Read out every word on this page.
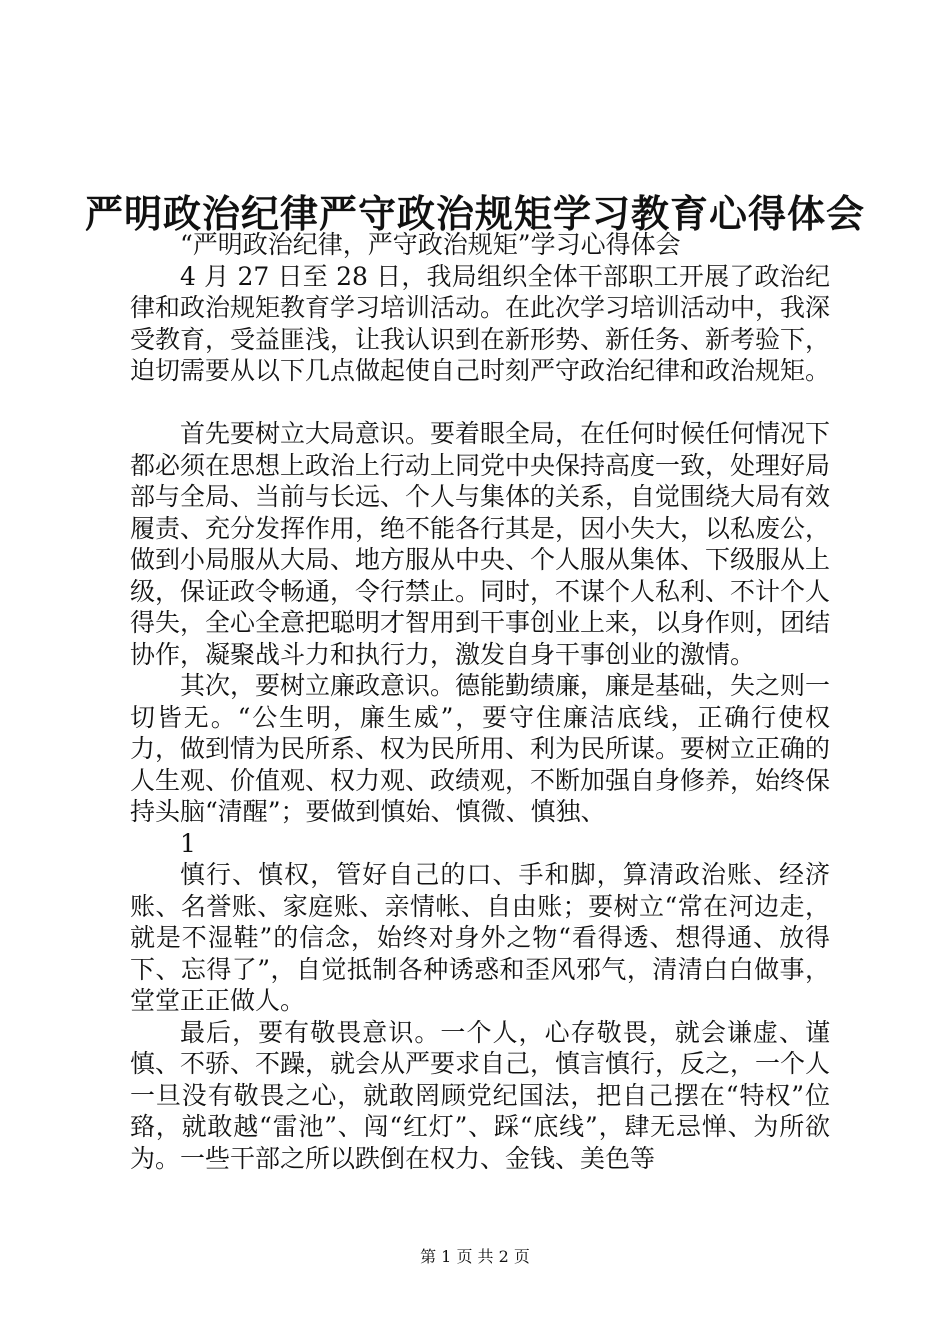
严明政治纪律严守政治规矩学习教育心得体会

“严明政治纪律，严守政治规矩”学习心得体会

4 月 27 日至 28 日，我局组织全体干部职工开展了政治纪律和政治规矩教育学习培训活动。在此次学习培训活动中，我深受教育，受益匪浅，让我认识到在新形势、新任务、新考验下，迫切需要从以下几点做起使自己时刻严守政治纪律和政治规矩。

首先要树立大局意识。要着眼全局，在任何时候任何情况下都必须在思想上政治上行动上同党中央保持高度一致，处理好局部与全局、当前与长远、个人与集体的关系，自觉围绕大局有效履责、充分发挥作用，绝不能各行其是，因小失大，以私废公，做到小局服从大局、地方服从中央、个人服从集体、下级服从上级，保证政令畅通，令行禁止。同时，不谋个人私利、不计个人得失，全心全意把聪明才智用到干事创业上来，以身作则，团结协作，凝聚战斗力和执行力，激发自身干事创业的激情。

其次，要树立廉政意识。德能勤绩廉，廉是基础，失之则一切皆无。“公生明，廉生威”，要守住廉洁底线，正确行使权力，做到情为民所系、权为民所用、利为民所谋。要树立正确的人生观、价值观、权力观、政绩观，不断加强自身修养，始终保持头脑“清醒”；要做到慎始、慎微、慎独、

1

慎行、慎权，管好自己的口、手和脚，算清政治账、经济账、名誉账、家庭账、亲情帐、自由账；要树立“常在河边走，就是不湿鞋”的信念，始终对身外之物“看得透、想得通、放得下、忘得了”，自觉抵制各种诱惑和歪风邪气，清清白白做事，堂堂正正做人。

最后，要有敬畏意识。一个人，心存敬畏，就会谦虚、谨慎、不骄、不躁，就会从严要求自己，慎言慎行，反之，一个人一旦没有敬畏之心，就敢罔顾党纪国法，把自己摆在“特权”位臵，就敢越“雷池”、闯“红灯”、踩“底线”，肆无忌惮、为所欲为。一些干部之所以跌倒在权力、金钱、美色等

第 1 页 共 2 页
